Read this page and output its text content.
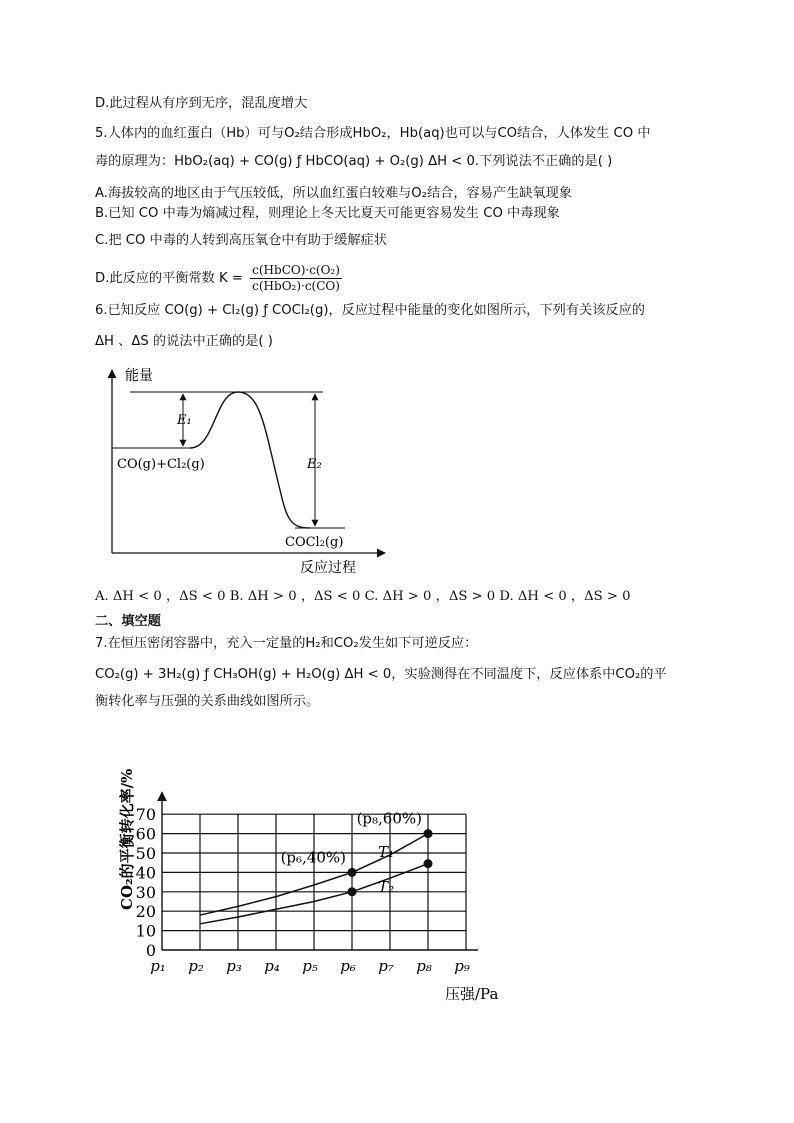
D.此过程从有序到无序，混乱度增大
5.人体内的血红蛋白（Hb）可与O₂结合形成HbO₂，Hb(aq)也可以与CO结合，人体发生 CO 中
毒的原理为：HbO₂(aq) + CO(g) ƒ HbCO(aq) + O₂(g) ΔH < 0.下列说法不正确的是( )
A.海拔较高的地区由于气压较低，所以血红蛋白较难与O₂结合，容易产生缺氧现象
B.已知 CO 中毒为熵减过程，则理论上冬天比夏天可能更容易发生 CO 中毒现象
C.把 CO 中毒的人转到高压氧仓中有助于缓解症状
D.此反应的平衡常数 $K = \frac{\text{c(HbCO)·c(O₂)}}{\text{c(HbO₂)·c(CO)}}$
6.已知反应 CO(g) + Cl₂(g) ƒ COCl₂(g)，反应过程中能量的变化如图所示，下列有关该反应的
ΔH 、ΔS 的说法中正确的是( )
能量
反应过程
E₁
E₂
CO(g)+Cl₂(g)
COCl₂(g)
A. ΔH < 0 ，ΔS < 0 B. ΔH > 0 ，ΔS < 0 C. ΔH > 0 ，ΔS > 0 D. ΔH < 0 ，ΔS > 0
二、填空题
7.在恒压密闭容器中，充入一定量的H₂和CO₂发生如下可逆反应：
CO₂(g) + 3H₂(g) ƒ CH₃OH(g) + H₂O(g) ΔH < 0，实验测得在不同温度下，反应体系中CO₂的平
衡转化率与压强的关系曲线如图所示。
0
10
20
30
40
50
60
70
p₁ p₂ p₃ p₄ p₅ p₆ p₇ p₈ p₉
T₁
T₂
(p₈,60%)
(p₆,40%)
CO₂的平衡转化率/%
压强/Pa
